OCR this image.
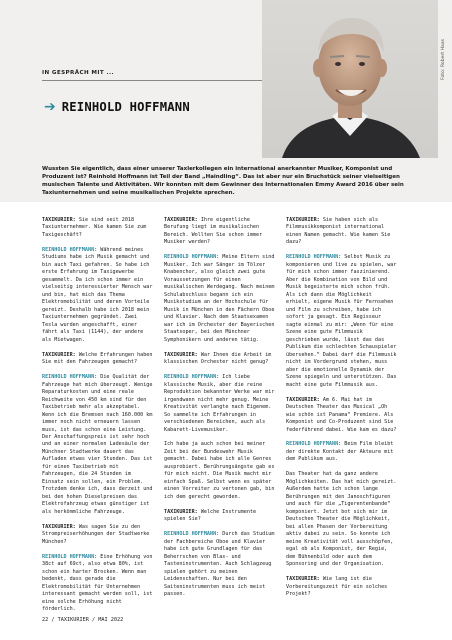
Foto: Robert Haas
IN GESPRÄCH MIT ...
➔ REINHOLD HOFFMANN
Wussten Sie eigentlich, dass einer unserer Taxlerkollegen ein international anerkannter Musiker, Komponist und Produzent ist? Reinhold Hoffmann ist Teil der Band „Haindling“. Das ist aber nur ein Bruchstück seiner vielseitigen musischen Talente und Aktivitäten. Wir konnten mit dem Gewinner des Internationalen Emmy Award 2016 über sein Taxiunternehmen und seine musikalischen Projekte sprechen.

TAXIKURIER: Sie sind seit 2018 Taxiunternehmer. Wie kamen Sie zum Taxigeschäft?

REINHOLD HOFFMANN: Während meines Studiums habe ich Musik gemacht und bin auch Taxi gefahren. So habe ich erste Erfahrung im Taxigewerbe gesammelt. Da ich schon immer ein vielseitig interessierter Mensch war und bin, hat mich das Thema Elektromobilität und deren Vorteile gereizt. Deshalb habe ich 2018 mein Taxiunternehmen gegründet. Zwei Tesla wurden angeschafft, einer fährt als Taxi (1144), der andere als Mietwagen.

TAXIKURIER: Welche Erfahrungen haben Sie mit den Fahrzeugen gemacht?

REINHOLD HOFFMANN: Die Qualität der Fahrzeuge hat mich überzeugt. Wenige Reparaturkosten und eine reale Reichweite von 450 km sind für den Taxibetrieb mehr als akzeptabel. Wenn ich die Bremsen nach 160.000 km immer noch nicht erneuern lassen muss, ist das schon eine Leistung. Der Anschaffungspreis ist sehr hoch und an einer normalen Ladesäule der Münchner Stadtwerke dauert das Aufladen etwas vier Stunden. Das ist für einen Taxibetrieb mit Fahrzeugen, die 24 Stunden im Einsatz sein sollen, ein Problem. Trotzdem denke ich, dass derzeit und bei den hohen Dieselpreisen das Elektrofahrzeug etwas günstiger ist als herkömmliche Fahrzeuge.

TAXIKURIER: Was sagen Sie zu den Strompreiserhöhungen der Stadtwerke München?

REINHOLD HOFFMANN: Eine Erhöhung von 38ct auf 69ct, also etwa 80%, ist schon ein harter Brocken. Wenn man bedenkt, dass gerade die Elektromobilität für Unternehmen interessant gemacht werden soll, ist eine solche Erhöhung nicht förderlich.

TAXIKURIER: Ihre eigentliche Berufung liegt im musikalischen Bereich. Wollten Sie schon immer Musiker werden?

REINHOLD HOFFMANN: Meine Eltern sind Musiker. Ich war Sänger im Tölzer Knabenchor, also gleich zwei gute Voraussetzungen für einen musikalischen Werdegang. Nach meinem Schulabschluss begann ich ein Musikstudium an der Hochschule für Musik in München in den Fächern Oboe und Klavier. Nach dem Staatsexamen war ich im Orchester der Bayerischen Staatsoper, bei den Münchner Symphonikern und anderen tätig.

TAXIKURIER: War Ihnen die Arbeit im klassischen Orchester nicht genug?

REINHOLD HOFFMANN: Ich liebe klassische Musik, aber die reine Reproduktion bekannter Werke war mir irgendwann nicht mehr genug. Meine Kreativität verlangte nach Eigenem. So sammelte ich Erfahrungen in verschiedenen Bereichen, auch als Kabarett-Livemusiker.

Ich habe ja auch schon bei meiner Zeit bei der Bundeswehr Musik gemacht. Dabei habe ich alle Genres ausprobiert. Berührungsängste gab es für mich nicht. Die Musik macht mir einfach Spaß. Selbst wenn es später einen Vorreiter zu vertonen gab, bin ich dem gerecht geworden.

TAXIKURIER: Welche Instrumente spielen Sie?

REINHOLD HOFFMANN: Durch das Studium der Fachbereiche Oboe und Klavier habe ich gute Grundlagen für das Beherrschen von Blas- und Tasteninstrumenten. Auch Schlagzeug spielen gehört zu meinen Leidenschaften. Nur bei den Saiteninstrumenten muss ich meist passen.

TAXIKURIER: Sie haben sich als Filmmusikkomponist international einen Namen gemacht. Wie kamen Sie dazu?

REINHOLD HOFFMANN: Selbst Musik zu komponieren und live zu spielen, war für mich schon immer faszinierend. Aber die Kombination von Bild und Musik begeisterte mich schon früh. Als ich dann die Möglichkeit erhielt, eigene Musik für Fernsehen und Film zu schreiben, habe ich sofort ja gesagt. Ein Regisseur sagte einmal zu mir: „Wenn für eine Szene eine gute Filmmusik geschrieben wurde, lässt das das Publikum die schlechten Schauspieler übersehen.“ Dabei darf die Filmmusik nicht im Vordergrund stehen, muss aber die emotionelle Dynamik der Szene spiegeln und unterstützen. Das macht eine gute Filmmusik aus.

TAXIKURIER: Am 6. Mai hat im Deutschen Theater das Musical „Oh wie schön ist Panama“ Premiere. Als Komponist und Co-Produzent sind Sie federführend dabei. Wie kam es dazu?

REINHOLD HOFFMANN: Beim Film bleibt der direkte Kontakt der Akteure mit dem Publikum aus.

Das Theater hat da ganz andere Möglichkeiten. Das hat mich gereizt. Außerdem hatte ich schon lange Berührungen mit den Janoschfiguren und auch für die „Tigerentenbande“ komponiert. Jetzt bot sich mir im Deutschen Theater die Möglichkeit, bei allen Phasen der Vorbereitung aktiv dabei zu sein. So konnte ich meine Kreativität voll ausschöpfen, egal ob als Komponist, der Regie, dem Bühnenbild oder auch dem Sponsoring und der Organisation.

TAXIKURIER: Wie lang ist die Vorbereitungszeit für ein solches Projekt?

22 / TAXIKURIER / MAI 2022
